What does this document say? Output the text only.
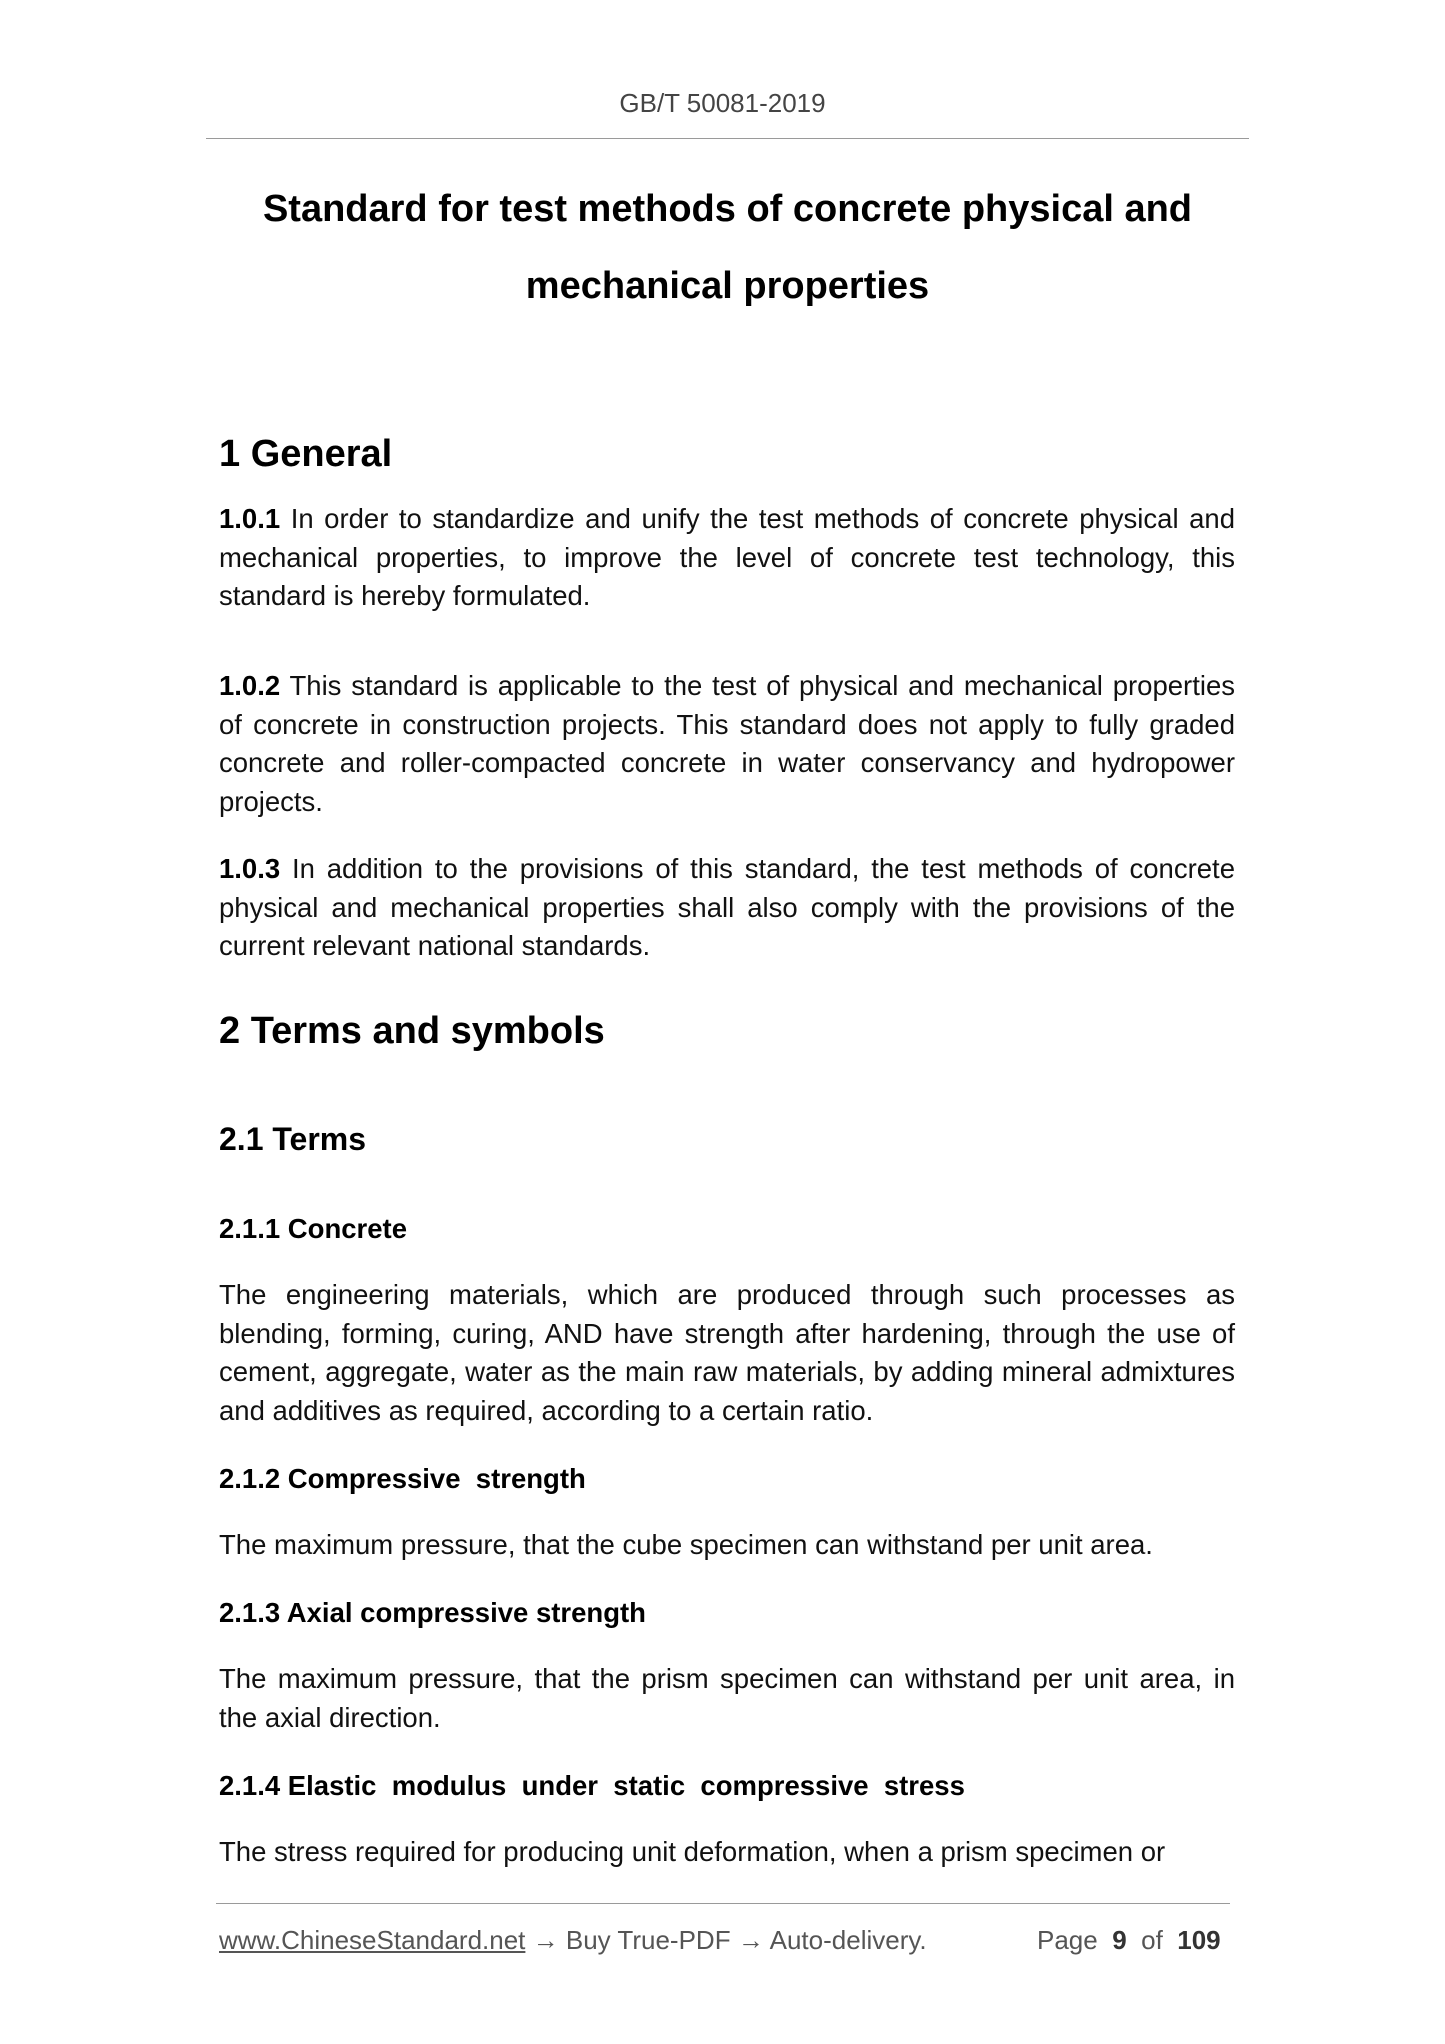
GB/T 50081-2019
Standard for test methods of concrete physical and
mechanical properties
1 General
1.0.1 In order to standardize and unify the test methods of concrete physical and mechanical properties, to improve the level of concrete test technology, this standard is hereby formulated.
1.0.2 This standard is applicable to the test of physical and mechanical properties of concrete in construction projects. This standard does not apply to fully graded concrete and roller-compacted concrete in water conservancy and hydropower projects.
1.0.3 In addition to the provisions of this standard, the test methods of concrete physical and mechanical properties shall also comply with the provisions of the current relevant national standards.
2 Terms and symbols
2.1 Terms
2.1.1 Concrete
The engineering materials, which are produced through such processes as blending, forming, curing, AND have strength after hardening, through the use of cement, aggregate, water as the main raw materials, by adding mineral admixtures and additives as required, according to a certain ratio.
2.1.2 Compressive  strength
The maximum pressure, that the cube specimen can withstand per unit area.
2.1.3 Axial compressive strength
The maximum pressure, that the prism specimen can withstand per unit area, in the axial direction.
2.1.4 Elastic  modulus  under  static  compressive  stress
The stress required for producing unit deformation, when a prism specimen or
www.ChineseStandard.net → Buy True-PDF → Auto-delivery.	Page 9 of 109
